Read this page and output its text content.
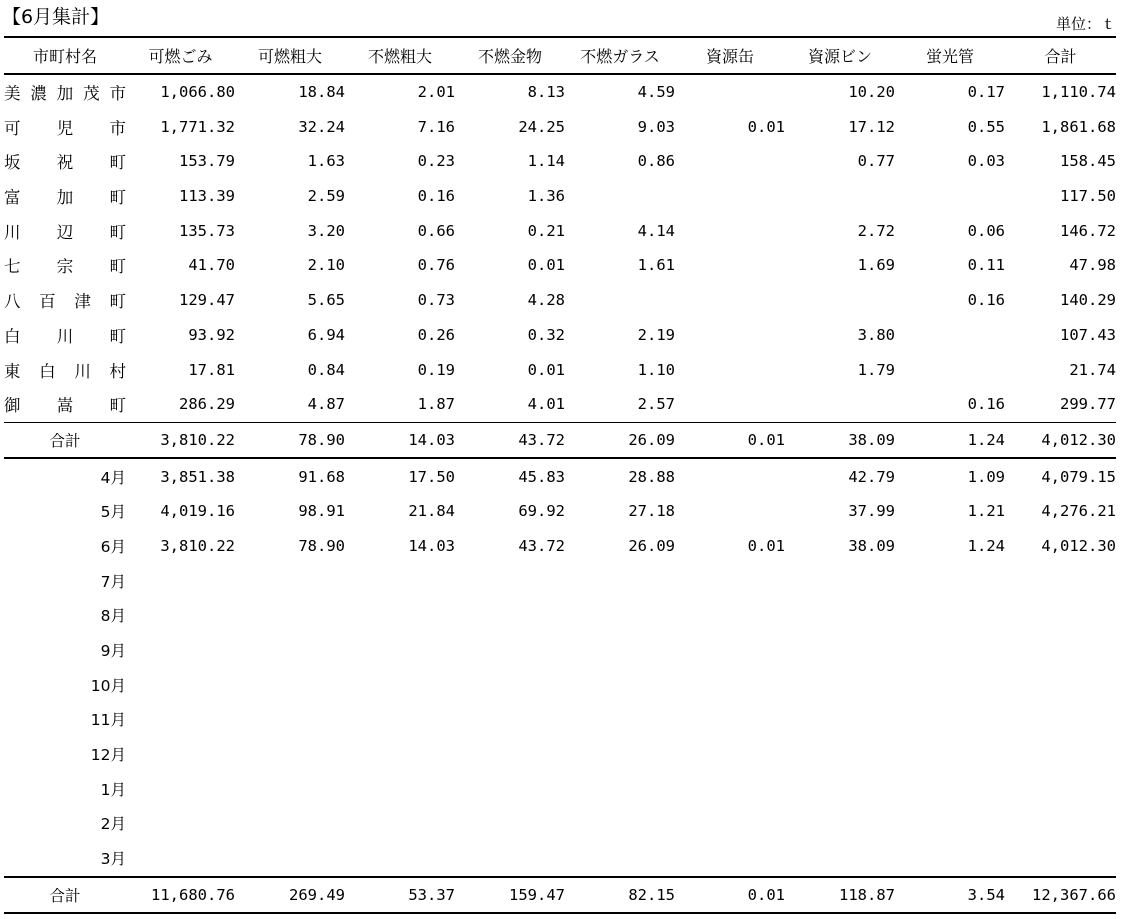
【6月集計】	単位：ｔ
市町村名	可燃ごみ	可燃粗大	不燃粗大	不燃金物	不燃ガラス	資源缶	資源ビン	蛍光管	合計
美濃加茂市	1,066.80	18.84	2.01	8.13	4.59		10.20	0.17	1,110.74
可児市	1,771.32	32.24	7.16	24.25	9.03	0.01	17.12	0.55	1,861.68
坂祝町	153.79	1.63	0.23	1.14	0.86		0.77	0.03	158.45
富加町	113.39	2.59	0.16	1.36					117.50
川辺町	135.73	3.20	0.66	0.21	4.14		2.72	0.06	146.72
七宗町	41.70	2.10	0.76	0.01	1.61		1.69	0.11	47.98
八百津町	129.47	5.65	0.73	4.28				0.16	140.29
白川町	93.92	6.94	0.26	0.32	2.19		3.80		107.43
東白川村	17.81	0.84	0.19	0.01	1.10		1.79		21.74
御嵩町	286.29	4.87	1.87	4.01	2.57			0.16	299.77
合計	3,810.22	78.90	14.03	43.72	26.09	0.01	38.09	1.24	4,012.30
4月	3,851.38	91.68	17.50	45.83	28.88		42.79	1.09	4,079.15
5月	4,019.16	98.91	21.84	69.92	27.18		37.99	1.21	4,276.21
6月	3,810.22	78.90	14.03	43.72	26.09	0.01	38.09	1.24	4,012.30
7月									
8月									
9月									
10月									
11月									
12月									
1月									
2月									
3月									
合計	11,680.76	269.49	53.37	159.47	82.15	0.01	118.87	3.54	12,367.66
